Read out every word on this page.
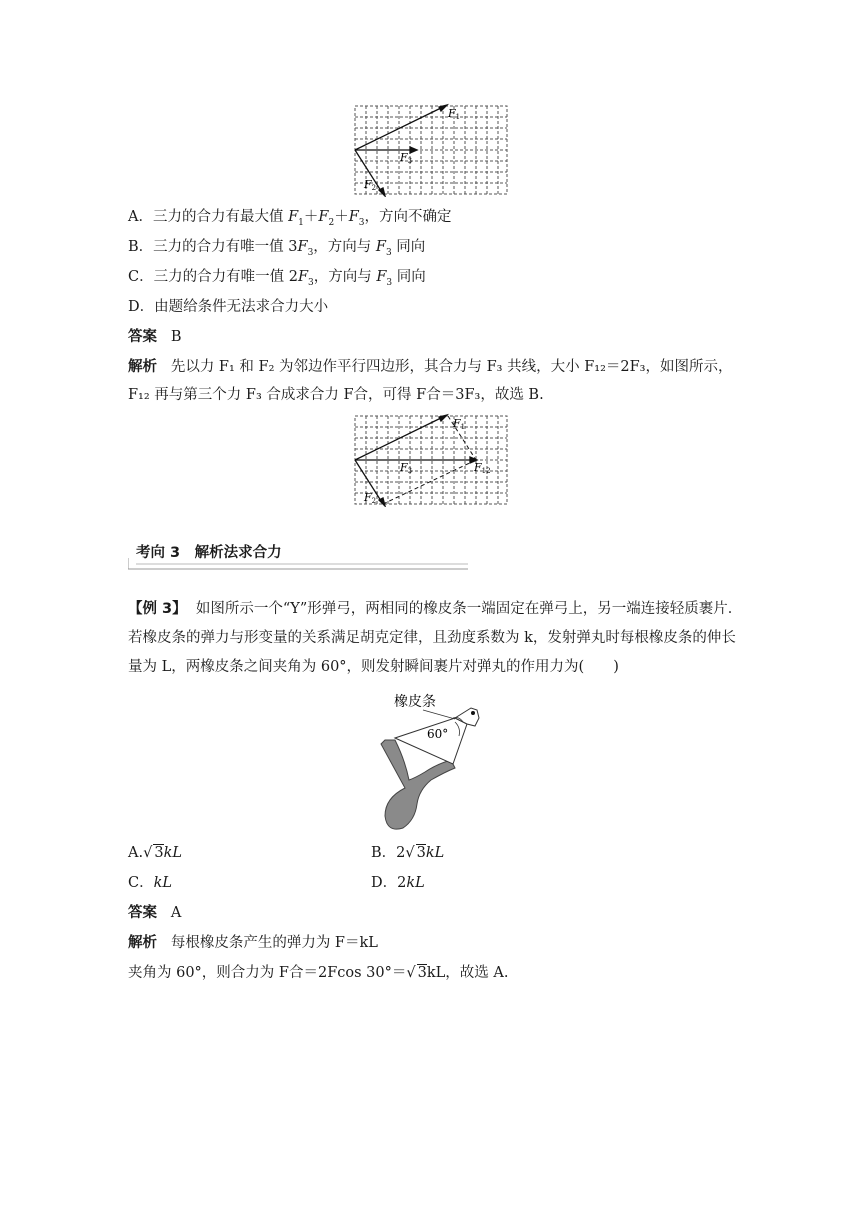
F1
F3
F2
A．三力的合力有最大值 $F_1+F_2+F_3$，方向不确定
B．三力的合力有唯一值 $3F_3$，方向与 $F_3$ 同向
C．三力的合力有唯一值 $2F_3$，方向与 $F_3$ 同向
D．由题给条件无法求合力大小
答案 B
解析 先以力 F₁ 和 F₂ 为邻边作平行四边形，其合力与 F₃ 共线，大小 F₁₂＝2F₃，如图所示，
F₁₂ 再与第三个力 F₃ 合成求合力 F合，可得 F合＝3F₃，故选 B.
F1
F3	F12
F2
考向 3　解析法求合力
【例 3】 如图所示一个“Y”形弹弓，两相同的橡皮条一端固定在弹弓上，另一端连接轻质裹片．若橡皮条的弹力与形变量的关系满足胡克定律，且劲度系数为 k，发射弹丸时每根橡皮条的伸长量为 L，两橡皮条之间夹角为 60°，则发射瞬间裹片对弹丸的作用力为(　　)
橡皮条
60°
A.√ 3kL	B．2√ 3kL
C．kL	D．2kL
答案 A
解析 每根橡皮条产生的弹力为 F＝kL
夹角为 60°，则合力为 F合＝2Fcos 30°＝√ 3kL，故选 A.
